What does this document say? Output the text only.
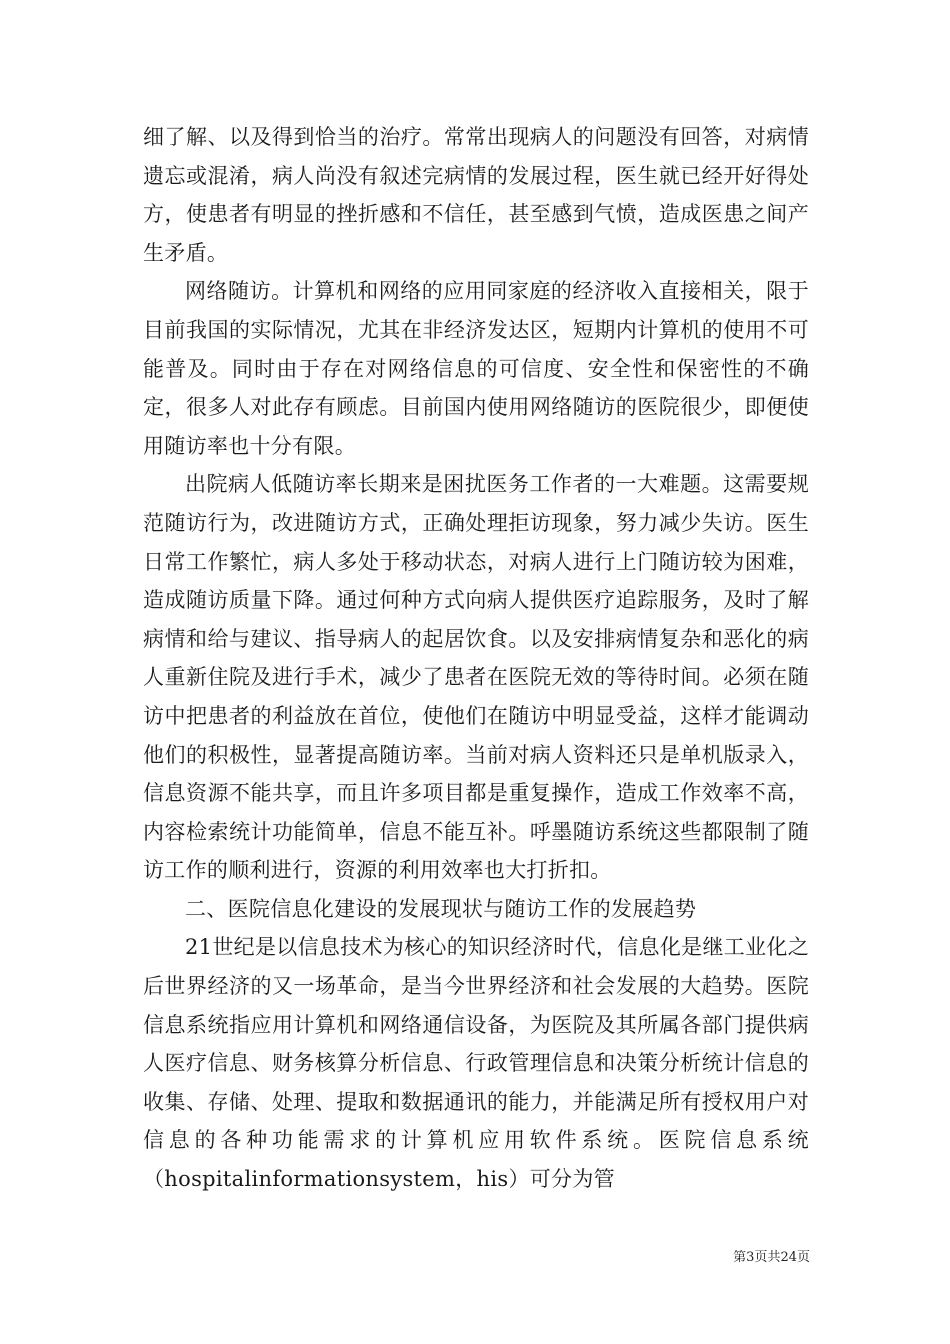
细了解、以及得到恰当的治疗。常常出现病人的问题没有回答，对病情遗忘或混淆，病人尚没有叙述完病情的发展过程，医生就已经开好得处方，使患者有明显的挫折感和不信任，甚至感到气愤，造成医患之间产生矛盾。

网络随访。计算机和网络的应用同家庭的经济收入直接相关，限于目前我国的实际情况，尤其在非经济发达区，短期内计算机的使用不可能普及。同时由于存在对网络信息的可信度、安全性和保密性的不确定，很多人对此存有顾虑。目前国内使用网络随访的医院很少，即便使用随访率也十分有限。

出院病人低随访率长期来是困扰医务工作者的一大难题。这需要规范随访行为，改进随访方式，正确处理拒访现象，努力减少失访。医生日常工作繁忙，病人多处于移动状态，对病人进行上门随访较为困难，造成随访质量下降。通过何种方式向病人提供医疗追踪服务，及时了解病情和给与建议、指导病人的起居饮食。以及安排病情复杂和恶化的病人重新住院及进行手术，减少了患者在医院无效的等待时间。必须在随访中把患者的利益放在首位，使他们在随访中明显受益，这样才能调动他们的积极性，显著提高随访率。当前对病人资料还只是单机版录入，信息资源不能共享，而且许多项目都是重复操作，造成工作效率不高，内容检索统计功能简单，信息不能互补。呼墨随访系统这些都限制了随访工作的顺利进行，资源的利用效率也大打折扣。

二、医院信息化建设的发展现状与随访工作的发展趋势

21世纪是以信息技术为核心的知识经济时代，信息化是继工业化之后世界经济的又一场革命，是当今世界经济和社会发展的大趋势。医院信息系统指应用计算机和网络通信设备，为医院及其所属各部门提供病人医疗信息、财务核算分析信息、行政管理信息和决策分析统计信息的收集、存储、处理、提取和数据通讯的能力，并能满足所有授权用户对信息的各种功能需求的计算机应用软件系统。医院信息系统（hospitalinformationsystem，his）可分为管

第3页共24页
